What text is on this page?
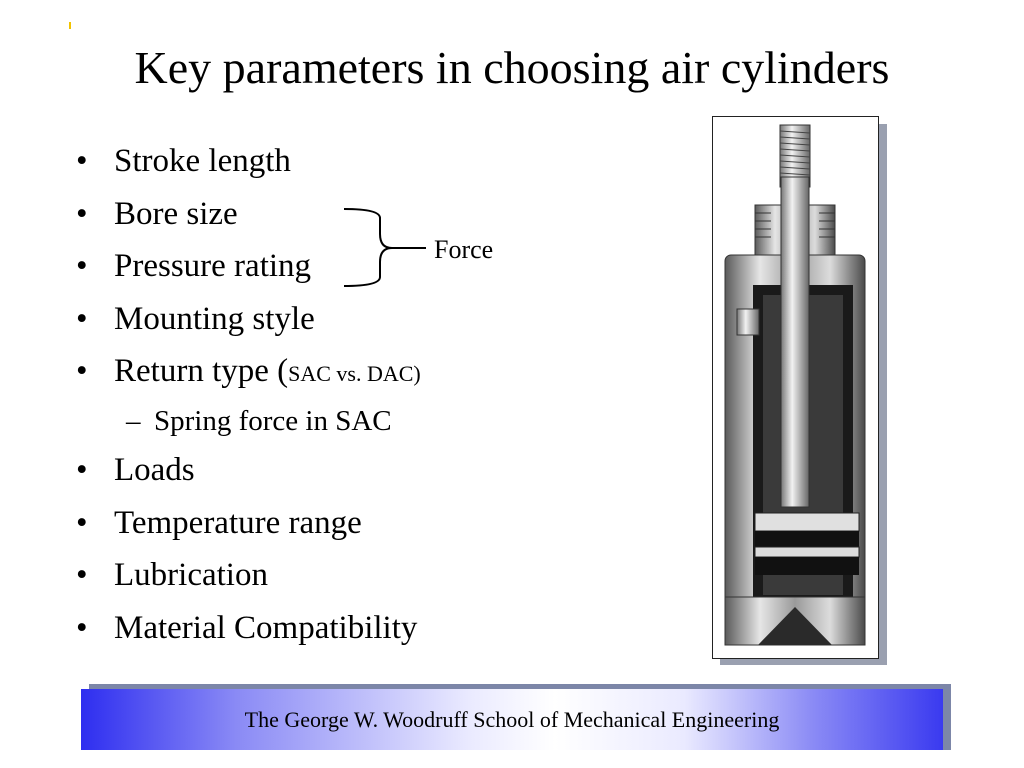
Key parameters in choosing air cylinders
• Stroke length
• Bore size
• Pressure rating
• Mounting style
• Return type (SAC vs. DAC)
– Spring force in SAC
• Loads
• Temperature range
• Lubrication
• Material Compatibility
Force
The George W. Woodruff School of Mechanical Engineering
